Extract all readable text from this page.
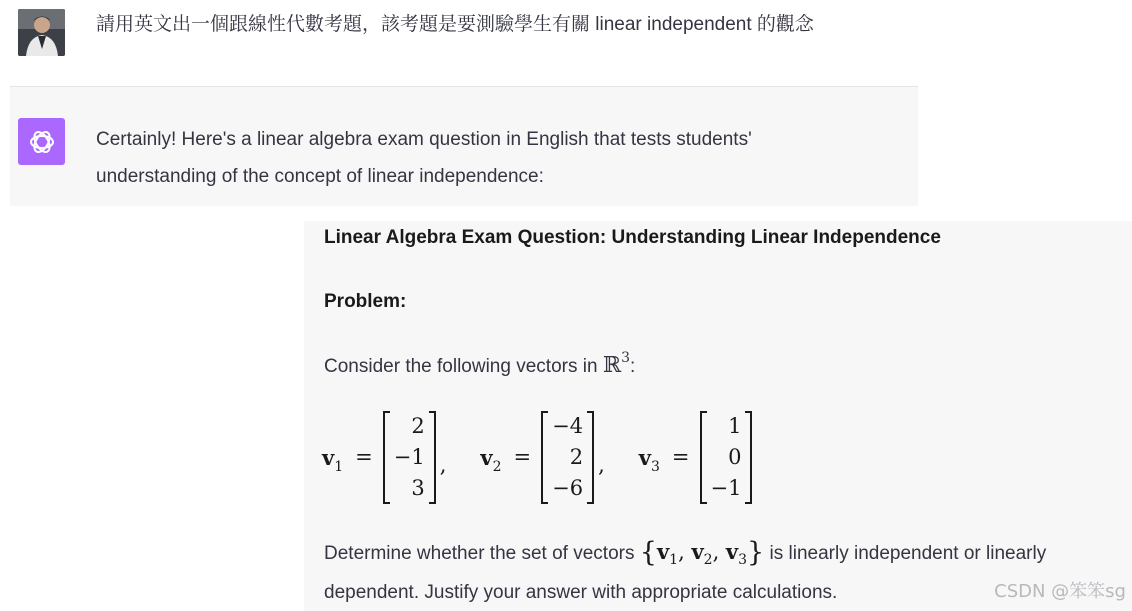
請用英文出一個跟線性代數考題，該考題是要測驗學生有關 linear independent 的觀念
Certainly! Here's a linear algebra exam question in English that tests students'
understanding of the concept of linear independence:
Linear Algebra Exam Question: Understanding Linear Independence
Problem:
Consider the following vectors in ℝ$^3$:
$v_1$ =
2
−1
3
, $v_2$ =
−4
2
−6
, $v_3$ =
1
0
−1
Determine whether the set of vectors {$v_1$, $v_2$, $v_3$} is linearly independent or linearly
dependent. Justify your answer with appropriate calculations.	CSDN @笨笨sg
